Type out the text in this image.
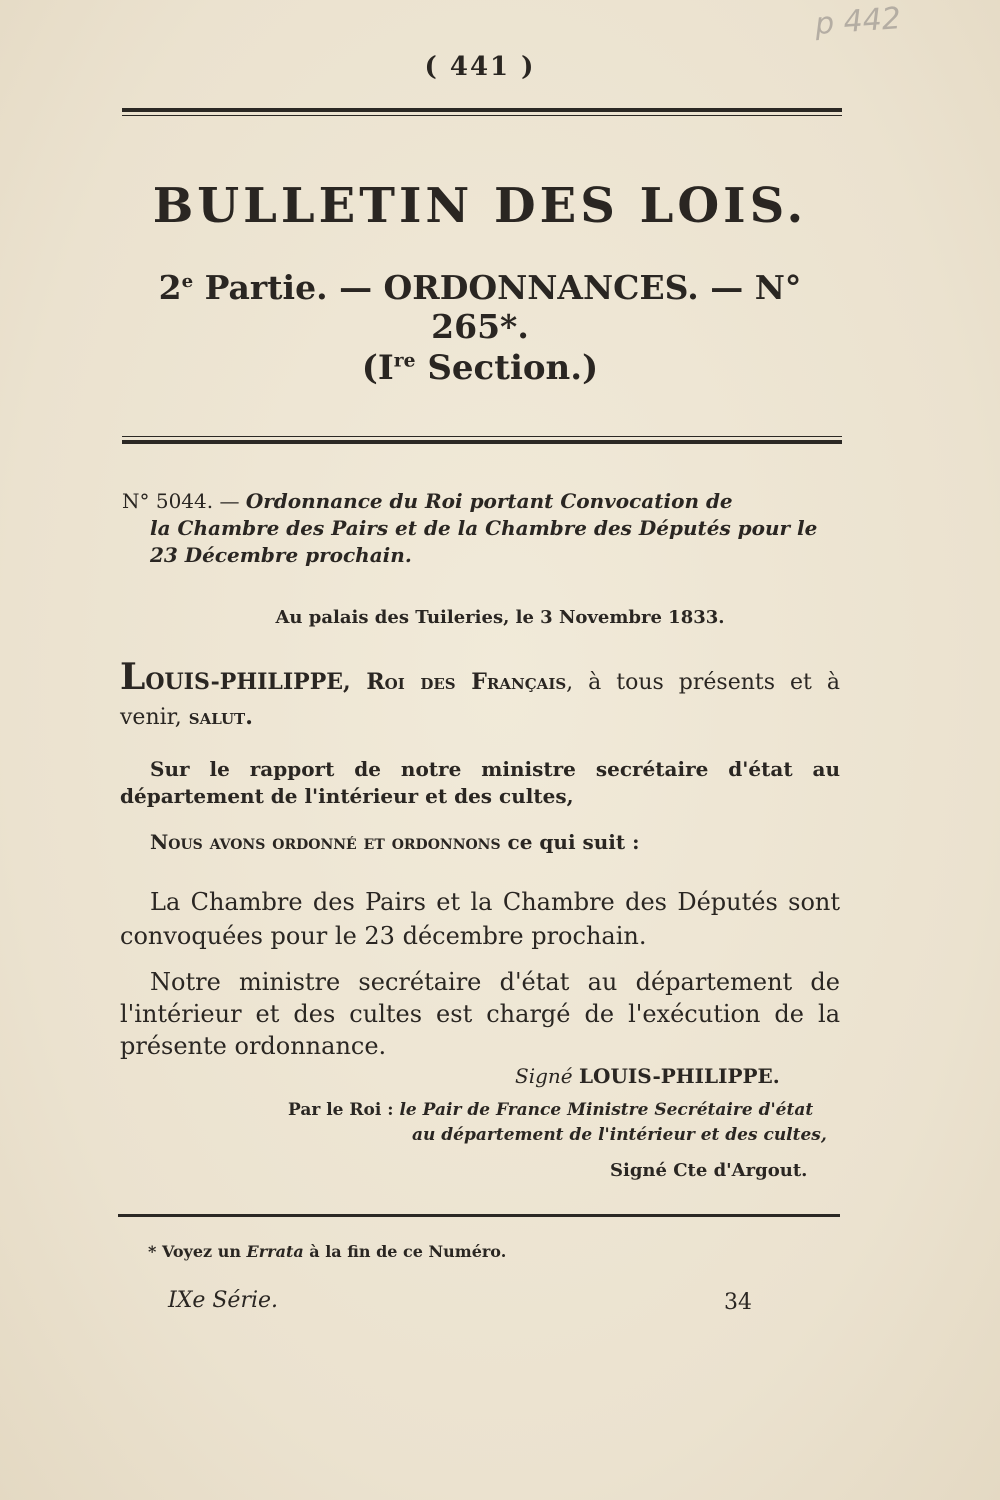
( 441 )
p 442
BULLETIN DES LOIS.
2e Partie. — ORDONNANCES. — N° 265*.
(Ire Section.)
N° 5044. — Ordonnance du Roi portant Convocation de
la Chambre des Pairs et de la Chambre des Députés pour le
23 Décembre prochain.
Au palais des Tuileries, le 3 Novembre 1833.
LOUIS-PHILIPPE, Roi des Français, à tous présents et à venir, salut.
Sur le rapport de notre ministre secrétaire d'état au département de l'intérieur et des cultes,
Nous avons ordonné et ordonnons ce qui suit :
La Chambre des Pairs et la Chambre des Députés sont convoquées pour le 23 décembre prochain.
Notre ministre secrétaire d'état au département de l'intérieur et des cultes est chargé de l'exécution de la présente ordonnance.
Signé LOUIS-PHILIPPE.
Par le Roi : le Pair de France Ministre Secrétaire d'état
au département de l'intérieur et des cultes,
Signé Cte d'Argout.
* Voyez un Errata à la fin de ce Numéro.
IXe Série.	34
